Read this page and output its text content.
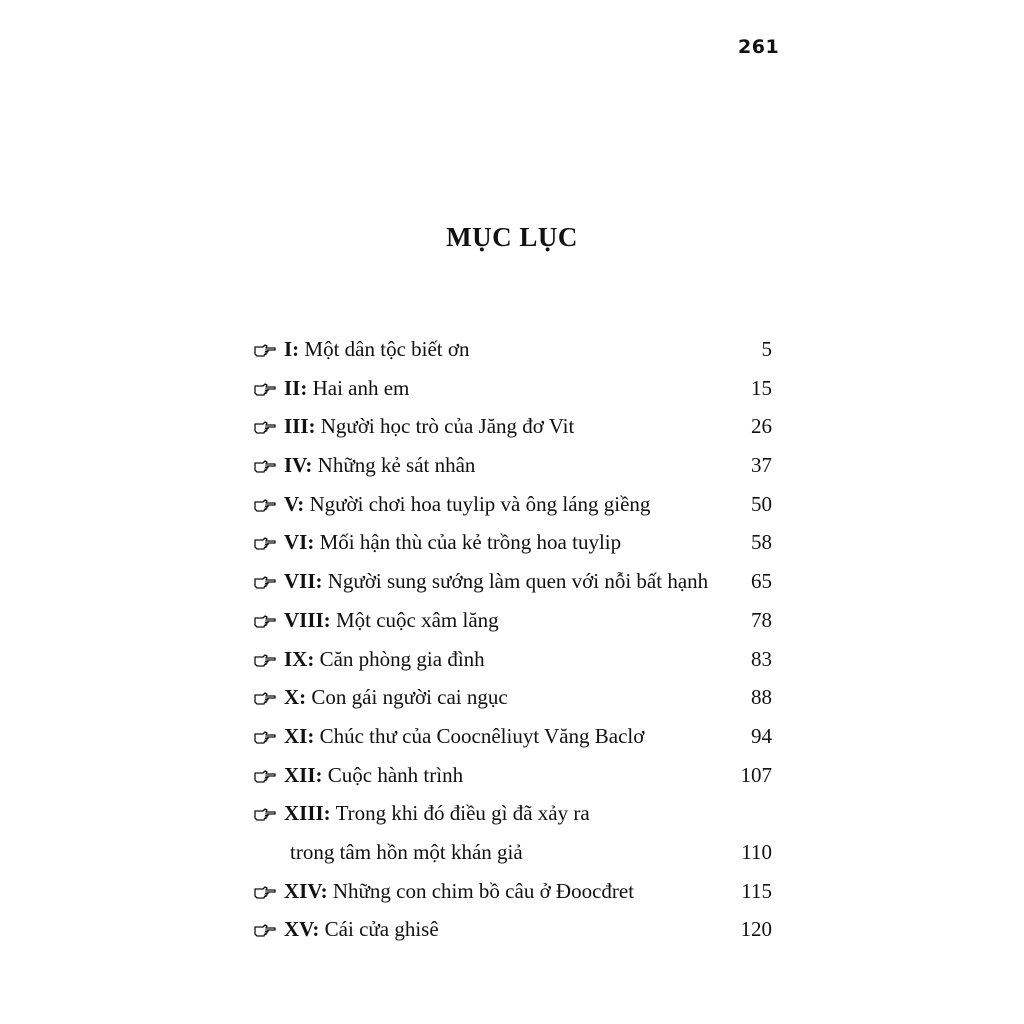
261
MỤC LỤC
I: Một dân tộc biết ơn	5
II: Hai anh em	15
III: Người học trò của Jăng đơ Vit	26
IV: Những kẻ sát nhân	37
V: Người chơi hoa tuylip và ông láng giềng	50
VI: Mối hận thù của kẻ trồng hoa tuylip	58
VII: Người sung sướng làm quen với nỗi bất hạnh 65
VIII: Một cuộc xâm lăng	78
IX: Căn phòng gia đình	83
X: Con gái người cai ngục	88
XI: Chúc thư của Coocnêliuyt Văng Baclơ	94
XII: Cuộc hành trình	107
XIII: Trong khi đó điều gì đã xảy ra
trong tâm hồn một khán giả	110
XIV: Những con chim bồ câu ở Đoocđret	115
XV: Cái cửa ghisê	120
